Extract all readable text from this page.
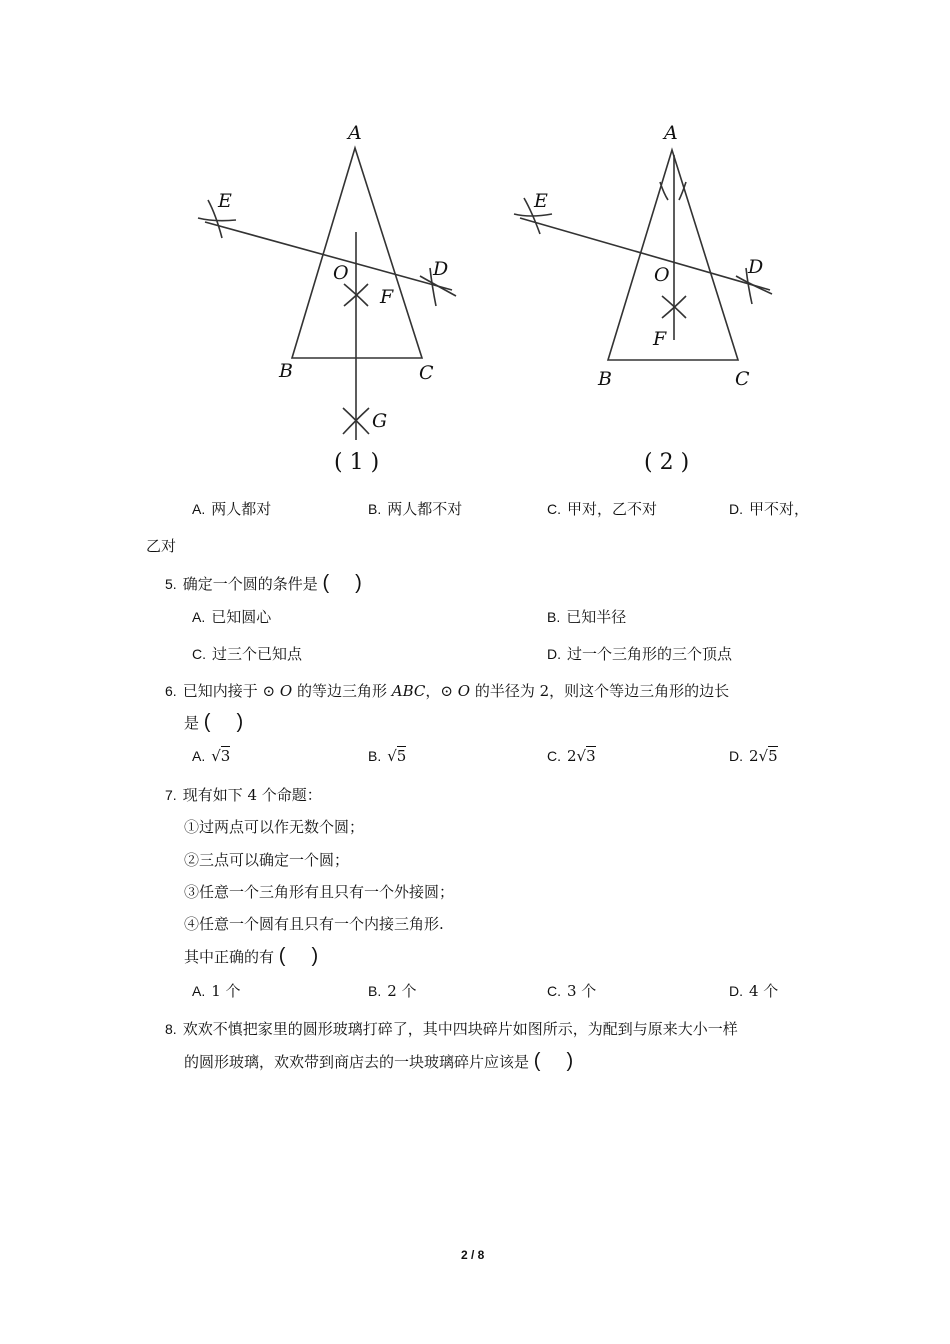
A
E
D
O
F
B	C
G
( 1 )
A
E
D
O
F
B	C
( 2 )
A. 两人都对	B. 两人都不对	C. 甲对，乙不对	D. 甲不对，
乙对
5. 确定一个圆的条件是 ( )
A. 已知圆心	B. 已知半径
C. 过三个已知点	D. 过一个三角形的三个顶点
6. 已知内接于 ⊙ O 的等边三角形 ABC，⊙ O 的半径为 2，则这个等边三角形的边长
是 ( )
A. √3	B. √5	C. 2√3	D. 2√5
7. 现有如下 4 个命题：
①过两点可以作无数个圆；
②三点可以确定一个圆；
③任意一个三角形有且只有一个外接圆；
④任意一个圆有且只有一个内接三角形.
其中正确的有 ( )
A. 1 个	B. 2 个	C. 3 个	D. 4 个
8. 欢欢不慎把家里的圆形玻璃打碎了，其中四块碎片如图所示，为配到与原来大小一样
的圆形玻璃，欢欢带到商店去的一块玻璃碎片应该是 ( )
2 / 8
